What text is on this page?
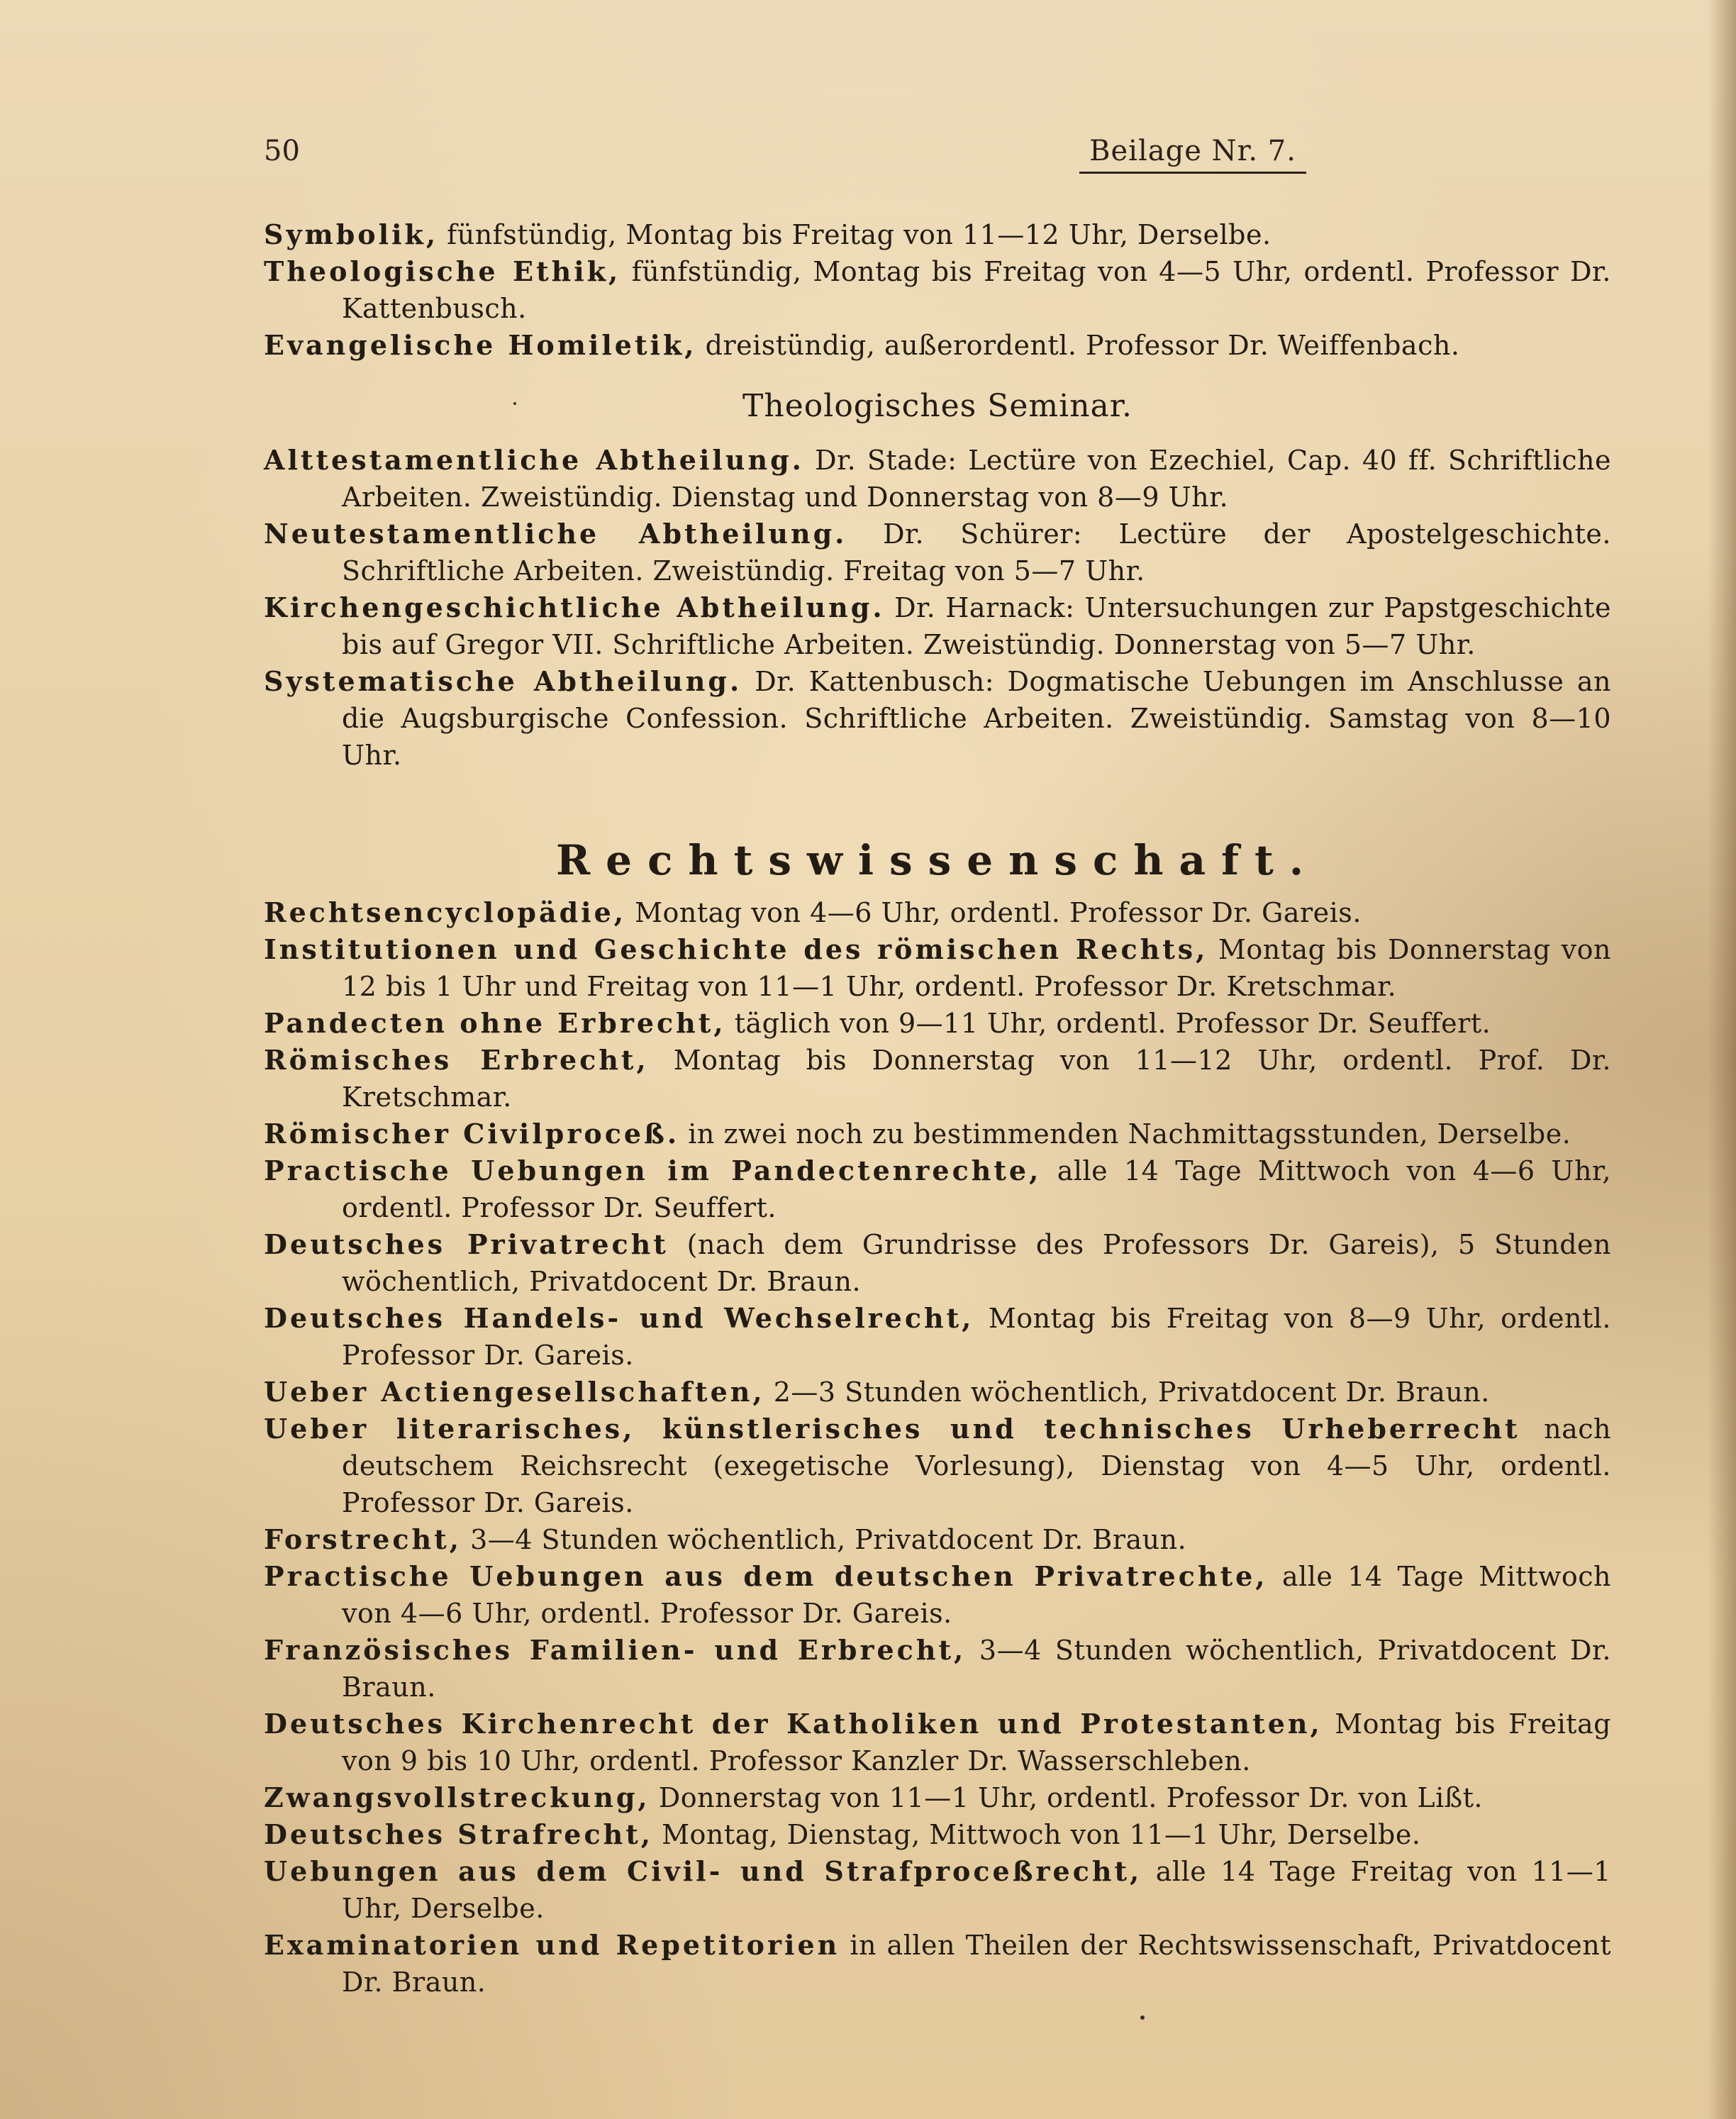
50	Beilage Nr. 7.

Symbolik, fünfstündig, Montag bis Freitag von 11—12 Uhr, Derselbe.

Theologische Ethik, fünfstündig, Montag bis Freitag von 4—5 Uhr, ordentl. Professor Dr. Kattenbusch.

Evangelische Homiletik, dreistündig, außerordentl. Professor Dr. Weiffenbach.

Theologisches Seminar.

Alttestamentliche Abtheilung. Dr. Stade: Lectüre von Ezechiel, Cap. 40 ff. Schriftliche Arbeiten. Zweistündig. Dienstag und Donnerstag von 8—9 Uhr.

Neutestamentliche Abtheilung. Dr. Schürer: Lectüre der Apostelgeschichte. Schriftliche Arbeiten. Zweistündig. Freitag von 5—7 Uhr.

Kirchengeschichtliche Abtheilung. Dr. Harnack: Untersuchungen zur Papstgeschichte bis auf Gregor VII. Schriftliche Arbeiten. Zweistündig. Donnerstag von 5—7 Uhr.

Systematische Abtheilung. Dr. Kattenbusch: Dogmatische Uebungen im Anschlusse an die Augsburgische Confession. Schriftliche Arbeiten. Zweistündig. Samstag von 8—10 Uhr.

Rechtswissenschaft.

Rechtsencyclopädie, Montag von 4—6 Uhr, ordentl. Professor Dr. Gareis.

Institutionen und Geschichte des römischen Rechts, Montag bis Donnerstag von 12 bis 1 Uhr und Freitag von 11—1 Uhr, ordentl. Professor Dr. Kretschmar.

Pandecten ohne Erbrecht, täglich von 9—11 Uhr, ordentl. Professor Dr. Seuffert.

Römisches Erbrecht, Montag bis Donnerstag von 11—12 Uhr, ordentl. Prof. Dr. Kretschmar.

Römischer Civilproceß. in zwei noch zu bestimmenden Nachmittagsstunden, Derselbe.

Practische Uebungen im Pandectenrechte, alle 14 Tage Mittwoch von 4—6 Uhr, ordentl. Professor Dr. Seuffert.

Deutsches Privatrecht (nach dem Grundrisse des Professors Dr. Gareis), 5 Stunden wöchentlich, Privatdocent Dr. Braun.

Deutsches Handels- und Wechselrecht, Montag bis Freitag von 8—9 Uhr, ordentl. Professor Dr. Gareis.

Ueber Actiengesellschaften, 2—3 Stunden wöchentlich, Privatdocent Dr. Braun.

Ueber literarisches, künstlerisches und technisches Urheberrecht nach deutschem Reichsrecht (exegetische Vorlesung), Dienstag von 4—5 Uhr, ordentl. Professor Dr. Gareis.

Forstrecht, 3—4 Stunden wöchentlich, Privatdocent Dr. Braun.

Practische Uebungen aus dem deutschen Privatrechte, alle 14 Tage Mittwoch von 4—6 Uhr, ordentl. Professor Dr. Gareis.

Französisches Familien- und Erbrecht, 3—4 Stunden wöchentlich, Privatdocent Dr. Braun.

Deutsches Kirchenrecht der Katholiken und Protestanten, Montag bis Freitag von 9 bis 10 Uhr, ordentl. Professor Kanzler Dr. Wasserschleben.

Zwangsvollstreckung, Donnerstag von 11—1 Uhr, ordentl. Professor Dr. von Lißt.

Deutsches Strafrecht, Montag, Dienstag, Mittwoch von 11—1 Uhr, Derselbe.

Uebungen aus dem Civil- und Strafproceßrecht, alle 14 Tage Freitag von 11—1 Uhr, Derselbe.

Examinatorien und Repetitorien in allen Theilen der Rechtswissenschaft, Privatdocent Dr. Braun.
